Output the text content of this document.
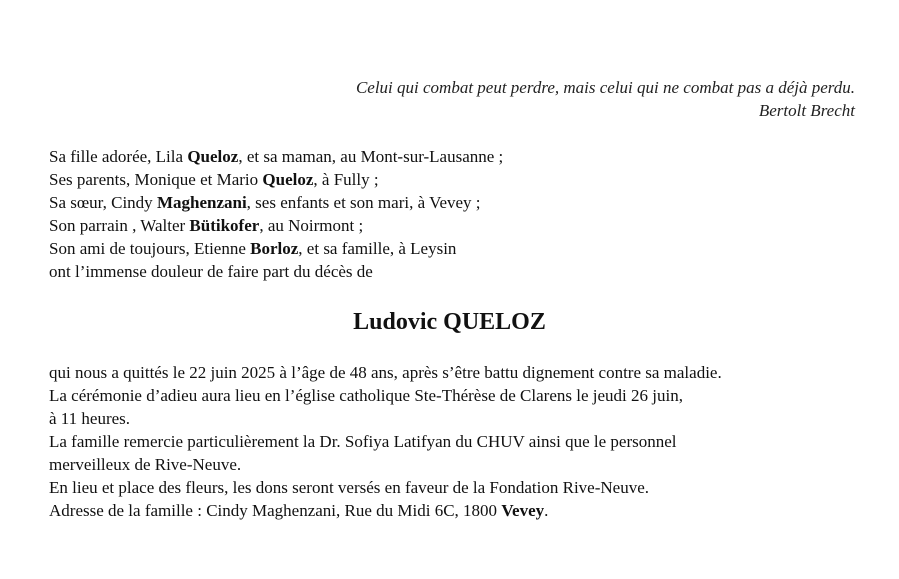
Celui qui combat peut perdre, mais celui qui ne combat pas a déjà perdu.
Bertolt Brecht
Sa fille adorée, Lila Queloz, et sa maman, au Mont-sur-Lausanne ;
Ses parents, Monique et Mario Queloz, à Fully ;
Sa sœur, Cindy Maghenzani, ses enfants et son mari, à Vevey ;
Son parrain , Walter Bütikofer, au Noirmont ;
Son ami de toujours, Etienne Borloz, et sa famille, à Leysin
ont l’immense douleur de faire part du décès de
Ludovic QUELOZ
qui nous a quittés le 22 juin 2025 à l’âge de 48 ans, après s’être battu dignement contre sa maladie.
La cérémonie d’adieu aura lieu en l’église catholique Ste-Thérèse de Clarens le jeudi 26 juin,
à 11 heures.
La famille remercie particulièrement la Dr. Sofiya Latifyan du CHUV ainsi que le personnel
merveilleux de Rive-Neuve.
En lieu et place des fleurs, les dons seront versés en faveur de la Fondation Rive-Neuve.
Adresse de la famille : Cindy Maghenzani, Rue du Midi 6C, 1800 Vevey.
